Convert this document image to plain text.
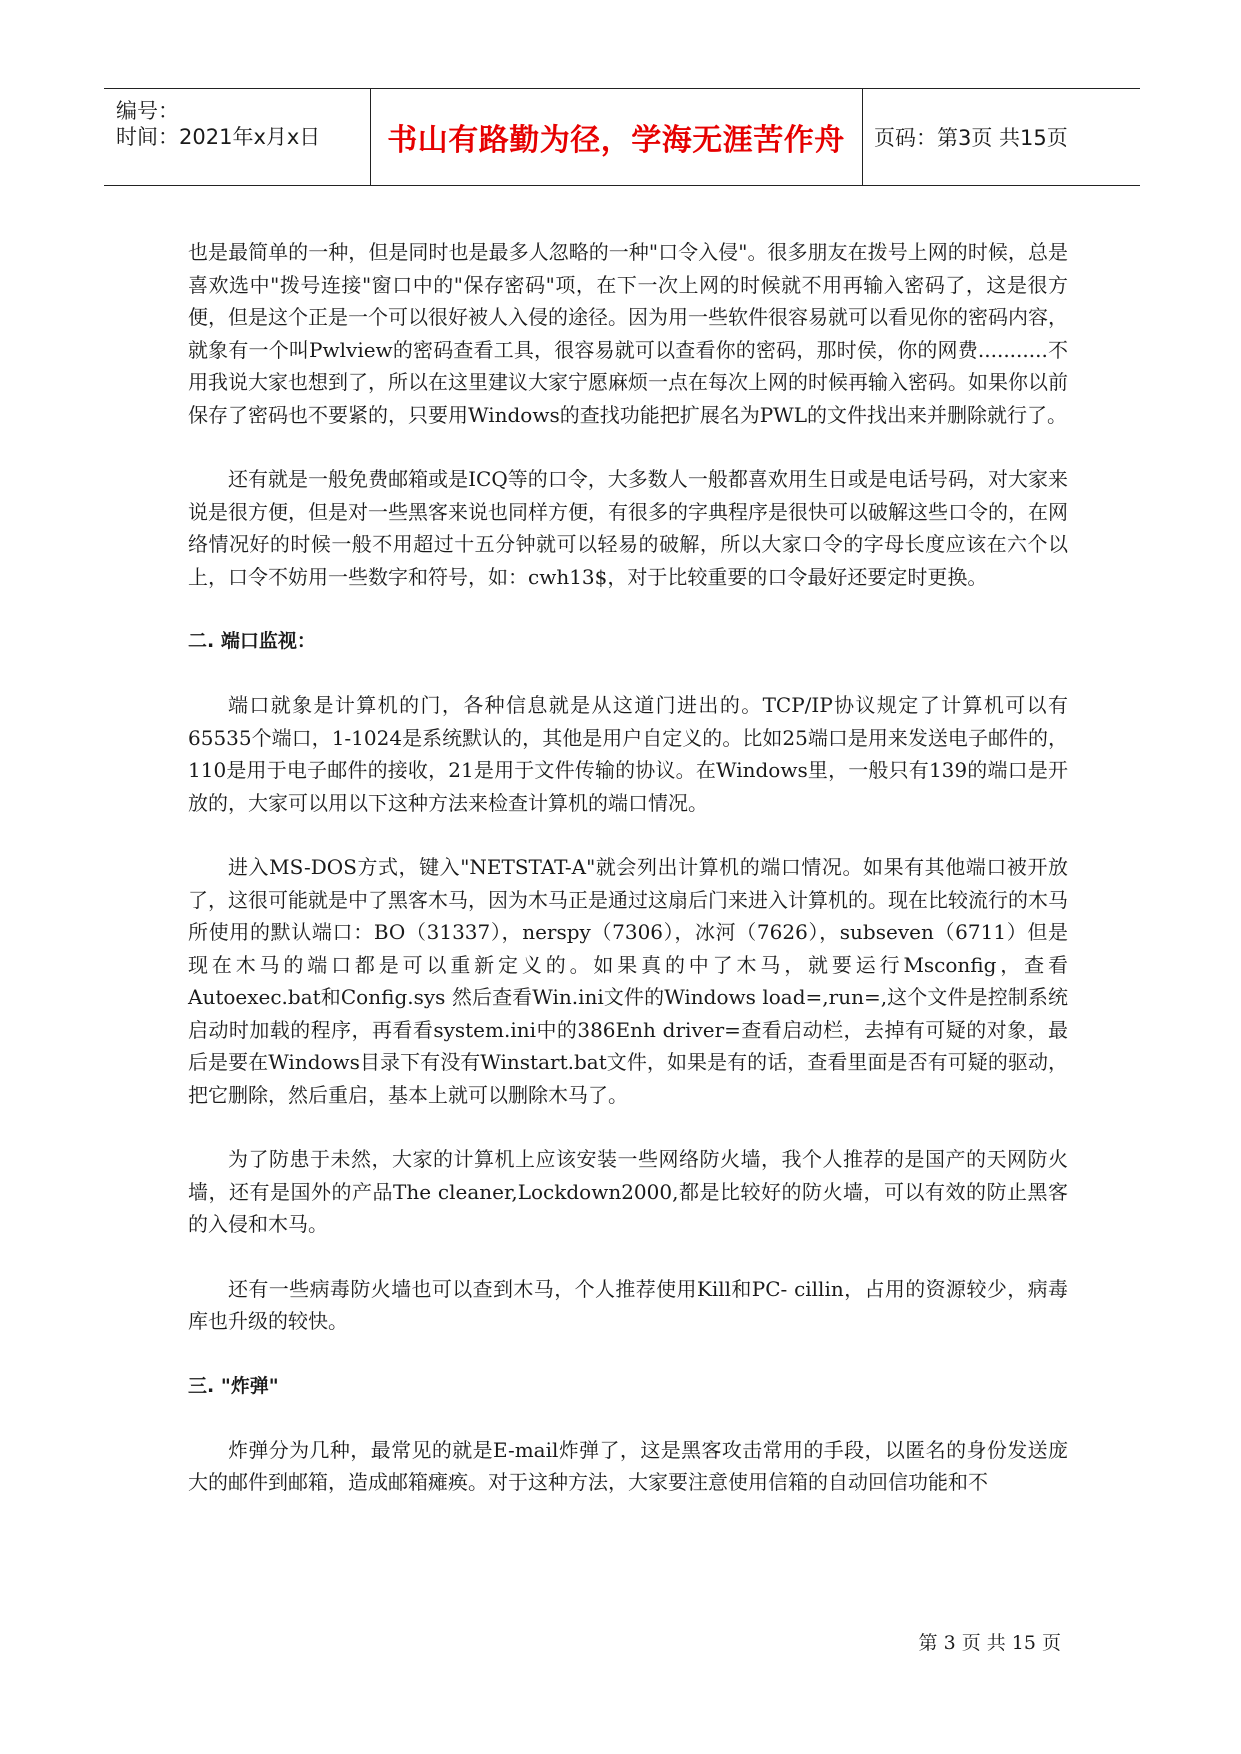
编号：
时间：2021年x月x日 书山有路勤为径，学海无涯苦作舟 页码：第3页 共15页

也是最简单的一种，但是同时也是最多人忽略的一种"口令入侵"。很多朋友在拨号上网的时候，总是喜欢选中"拨号连接"窗口中的"保存密码"项，在下一次上网的时候就不用再输入密码了，这是很方便，但是这个正是一个可以很好被人入侵的途径。因为用一些软件很容易就可以看见你的密码内容，就象有一个叫Pwlview的密码查看工具，很容易就可以查看你的密码，那时侯，你的网费...........不用我说大家也想到了，所以在这里建议大家宁愿麻烦一点在每次上网的时候再输入密码。如果你以前保存了密码也不要紧的，只要用Windows的查找功能把扩展名为PWL的文件找出来并删除就行了。

还有就是一般免费邮箱或是ICQ等的口令，大多数人一般都喜欢用生日或是电话号码，对大家来说是很方便，但是对一些黑客来说也同样方便，有很多的字典程序是很快可以破解这些口令的，在网络情况好的时候一般不用超过十五分钟就可以轻易的破解，所以大家口令的字母长度应该在六个以上，口令不妨用一些数字和符号，如：cwh13$，对于比较重要的口令最好还要定时更换。

二. 端口监视：

端口就象是计算机的门，各种信息就是从这道门进出的。TCP/IP协议规定了计算机可以有65535个端口，1-1024是系统默认的，其他是用户自定义的。比如25端口是用来发送电子邮件的，110是用于电子邮件的接收，21是用于文件传输的协议。在Windows里，一般只有139的端口是开放的，大家可以用以下这种方法来检查计算机的端口情况。

进入MS-DOS方式，键入"NETSTAT-A"就会列出计算机的端口情况。如果有其他端口被开放了，这很可能就是中了黑客木马，因为木马正是通过这扇后门来进入计算机的。现在比较流行的木马所使用的默认端口：BO（31337），nerspy（7306），冰河（7626），subseven（6711）但是现在木马的端口都是可以重新定义的。如果真的中了木马，就要运行Msconfig，查看Autoexec.bat和Config.sys 然后查看Win.ini文件的Windows load=,run=,这个文件是控制系统启动时加载的程序，再看看system.ini中的386Enh driver=查看启动栏，去掉有可疑的对象，最后是要在Windows目录下有没有Winstart.bat文件，如果是有的话，查看里面是否有可疑的驱动，把它删除，然后重启，基本上就可以删除木马了。

为了防患于未然，大家的计算机上应该安装一些网络防火墙，我个人推荐的是国产的天网防火墙，还有是国外的产品The cleaner,Lockdown2000,都是比较好的防火墙，可以有效的防止黑客的入侵和木马。

还有一些病毒防火墙也可以查到木马，个人推荐使用Kill和PC- cillin，占用的资源较少，病毒库也升级的较快。

三. "炸弹"

炸弹分为几种，最常见的就是E-mail炸弹了，这是黑客攻击常用的手段，以匿名的身份发送庞大的邮件到邮箱，造成邮箱瘫痪。对于这种方法，大家要注意使用信箱的自动回信功能和不

第 3 页 共 15 页
